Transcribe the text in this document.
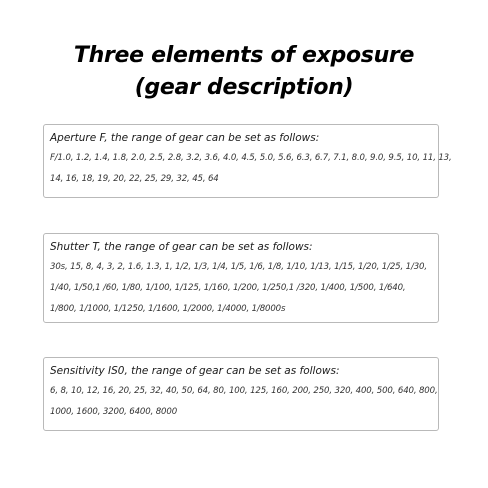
Three elements of exposure
(gear description)
Aperture F, the range of gear can be set as follows:
F/1.0, 1.2, 1.4, 1.8, 2.0, 2.5, 2.8, 3.2, 3.6, 4.0, 4.5, 5.0, 5.6, 6.3, 6.7, 7.1, 8.0, 9.0, 9.5, 10, 11, 13,
14, 16, 18, 19, 20, 22, 25, 29, 32, 45, 64
Shutter T, the range of gear can be set as follows:
30s, 15, 8, 4, 3, 2, 1.6, 1.3, 1, 1/2, 1/3, 1/4, 1/5, 1/6, 1/8, 1/10, 1/13, 1/15, 1/20, 1/25, 1/30,
1/40, 1/50,1 /60, 1/80, 1/100, 1/125, 1/160, 1/200, 1/250,1 /320, 1/400, 1/500, 1/640,
1/800, 1/1000, 1/1250, 1/1600, 1/2000, 1/4000, 1/8000s
Sensitivity IS0, the range of gear can be set as follows:
6, 8, 10, 12, 16, 20, 25, 32, 40, 50, 64, 80, 100, 125, 160, 200, 250, 320, 400, 500, 640, 800,
1000, 1600, 3200, 6400, 8000
